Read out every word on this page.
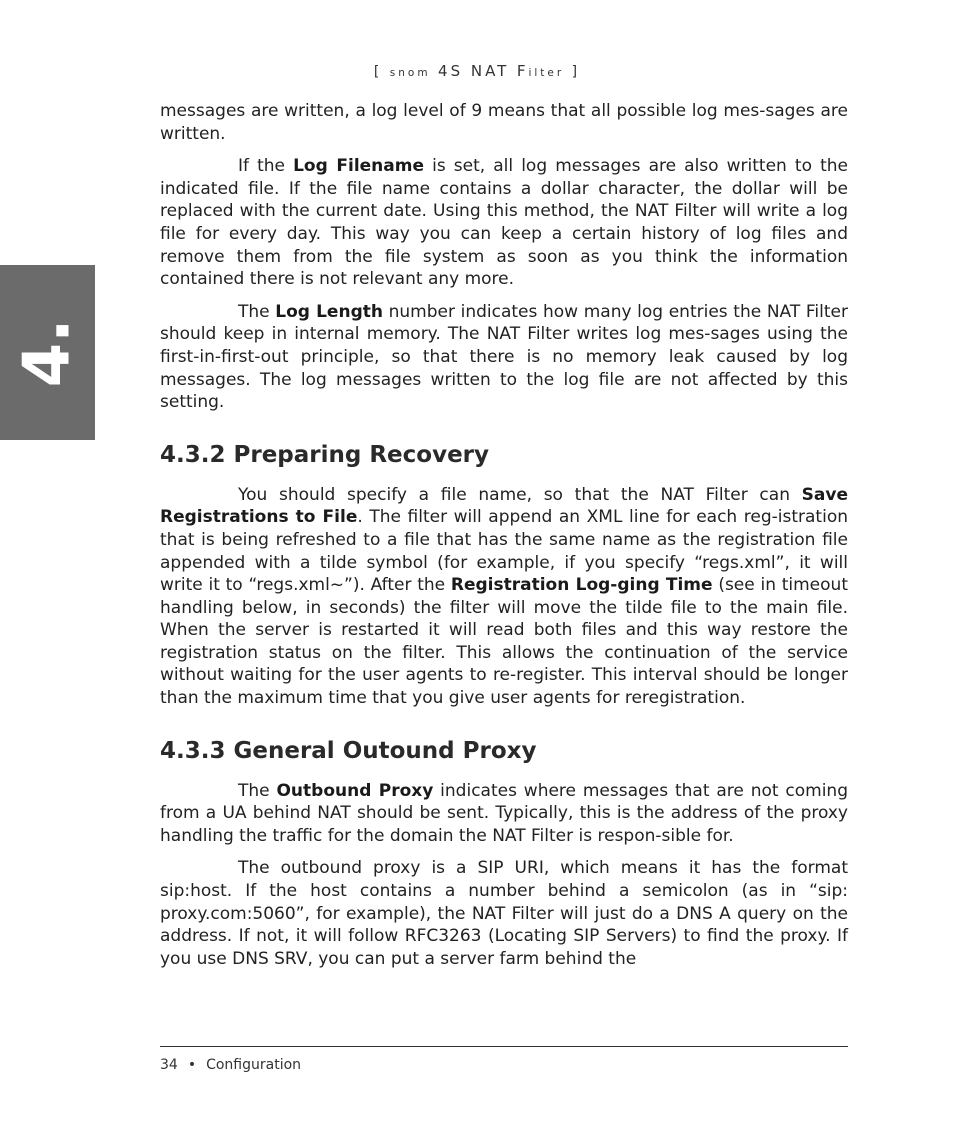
[ snom 4S NAT Filter ]
4.

messages are written, a log level of 9 means that all possible log mes-sages are written.

If the Log Filename is set, all log messages are also written to the indicated file. If the file name contains a dollar character, the dollar will be replaced with the current date. Using this method, the NAT Filter will write a log file for every day. This way you can keep a certain history of log files and remove them from the file system as soon as you think the information contained there is not relevant any more.

The Log Length number indicates how many log entries the NAT Filter should keep in internal memory. The NAT Filter writes log mes-sages using the first-in-first-out principle, so that there is no memory leak caused by log messages. The log messages written to the log file are not affected by this setting.

4.3.2 Preparing Recovery

You should specify a file name, so that the NAT Filter can Save Registrations to File. The filter will append an XML line for each reg-istration that is being refreshed to a file that has the same name as the registration file appended with a tilde symbol (for example, if you specify “regs.xml”, it will write it to “regs.xml~”). After the Registration Log-ging Time (see in timeout handling below, in seconds) the filter will move the tilde file to the main file. When the server is restarted it will read both files and this way restore the registration status on the filter. This allows the continuation of the service without waiting for the user agents to re-register. This interval should be longer than the maximum time that you give user agents for reregistration.

4.3.3 General Outound Proxy

The Outbound Proxy indicates where messages that are not coming from a UA behind NAT should be sent. Typically, this is the address of the proxy handling the traffic for the domain the NAT Filter is respon-sible for.

The outbound proxy is a SIP URI, which means it has the format sip:host. If the host contains a number behind a semicolon (as in “sip: proxy.com:5060”, for example), the NAT Filter will just do a DNS A query on the address. If not, it will follow RFC3263 (Locating SIP Servers) to find the proxy. If you use DNS SRV, you can put a server farm behind the

34 • Configuration
